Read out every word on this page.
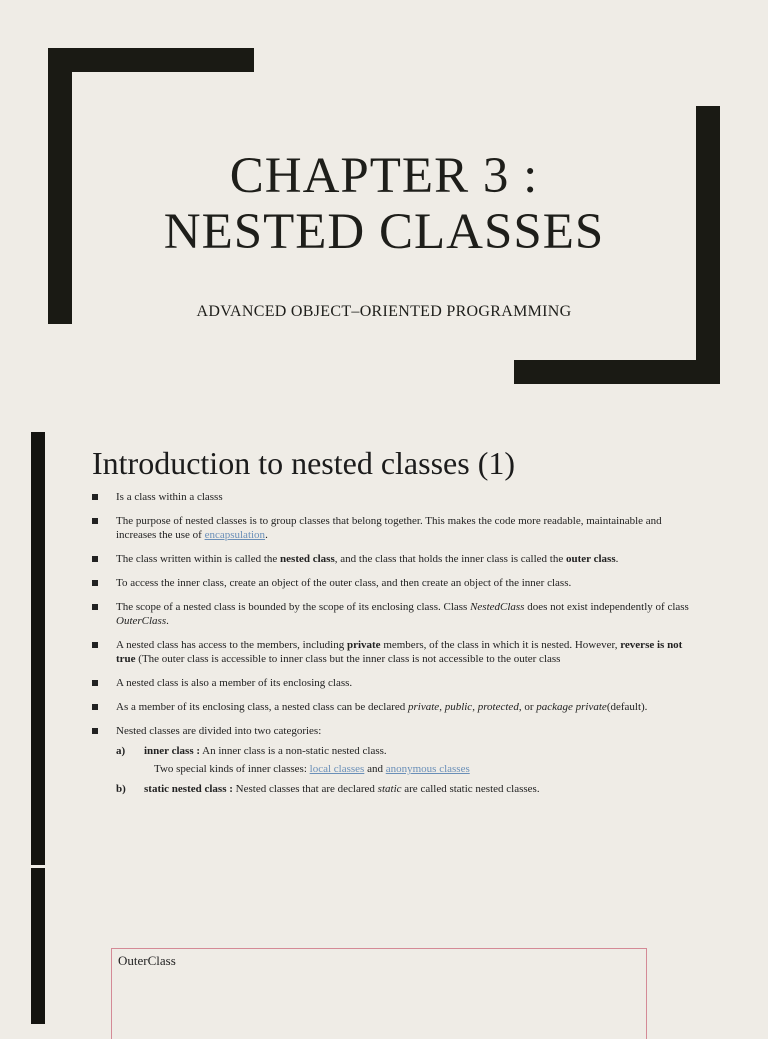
CHAPTER 3 :
NESTED CLASSES
ADVANCED OBJECT–ORIENTED PROGRAMMING
Introduction to nested classes (1)
Is a class within a classs
The purpose of nested classes is to group classes that belong together. This makes the code more readable, maintainable and increases the use of encapsulation.
The class written within is called the nested class, and the class that holds the inner class is called the outer class.
To access the inner class, create an object of the outer class, and then create an object of the inner class.
The scope of a nested class is bounded by the scope of its enclosing class. Class NestedClass does not exist independently of class OuterClass.
A nested class has access to the members, including private members, of the class in which it is nested. However, reverse is not true (The outer class is accessible to inner class but the inner class is not accessible to the outer class
A nested class is also a member of its enclosing class.
As a member of its enclosing class, a nested class can be declared private, public, protected, or package private(default).
Nested classes are divided into two categories:
a)	inner class : An inner class is a non-static nested class.
Two special kinds of inner classes: local classes and anonymous classes
b)	static nested class : Nested classes that are declared static are called static nested classes.
OuterClass
